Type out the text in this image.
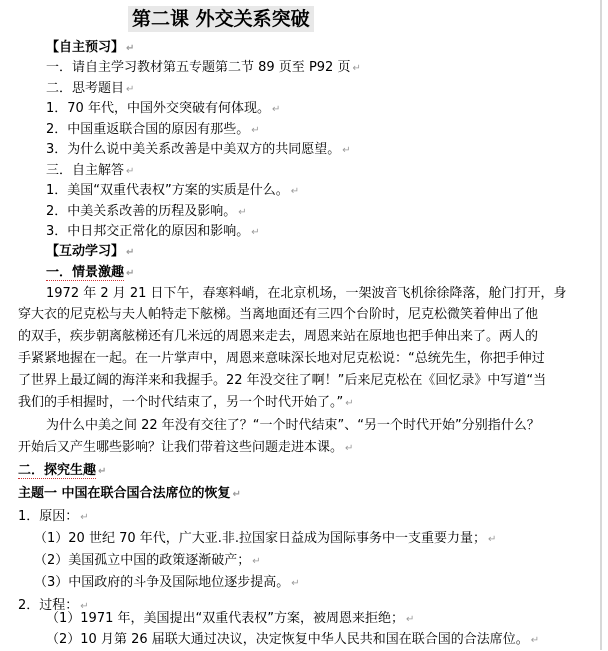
第二课 外交关系突破
【自主预习】 ↵
一．请自主学习教材第五专题第二节 89 页至 P92 页 ↵
二．思考题目 ↵
1．70 年代，中国外交突破有何体现。 ↵
2．中国重返联合国的原因有那些。 ↵
3．为什么说中美关系改善是中美双方的共同愿望。 ↵
三．自主解答 ↵
1．美国“双重代表权”方案的实质是什么。 ↵
2．中美关系改善的历程及影响。 ↵
3．中日邦交正常化的原因和影响。 ↵
【互动学习】 ↵
一．情景激趣 ↵
1972 年 2 月 21 日下午，春寒料峭，在北京机场，一架波音飞机徐徐降落，舱门打开，身
穿大衣的尼克松与夫人帕特走下舷梯。当离地面还有三四个台阶时，尼克松微笑着伸出了他
的双手，疾步朝离舷梯还有几米远的周恩来走去，周恩来站在原地也把手伸出来了。两人的
手紧紧地握在一起。在一片掌声中，周恩来意味深长地对尼克松说：“总统先生，你把手伸过
了世界上最辽阔的海洋来和我握手。22 年没交往了啊！”后来尼克松在《回忆录》中写道“当
我们的手相握时，一个时代结束了，另一个时代开始了。” ↵
为什么中美之间 22 年没有交往了？“一个时代结束”、“另一个时代开始”分别指什么？
开始后又产生哪些影响？让我们带着这些问题走进本课。 ↵
二．探究生趣 ↵
主题一 中国在联合国合法席位的恢复 ↵
1．原因： ↵
（1）20 世纪 70 年代，广大亚.非.拉国家日益成为国际事务中一支重要力量； ↵
（2）美国孤立中国的政策逐渐破产； ↵
（3）中国政府的斗争及国际地位逐步提高。 ↵
2．过程： ↵
（1）1971 年，美国提出“双重代表权”方案，被周恩来拒绝； ↵
（2）10 月第 26 届联大通过决议，决定恢复中华人民共和国在联合国的合法席位。 ↵
